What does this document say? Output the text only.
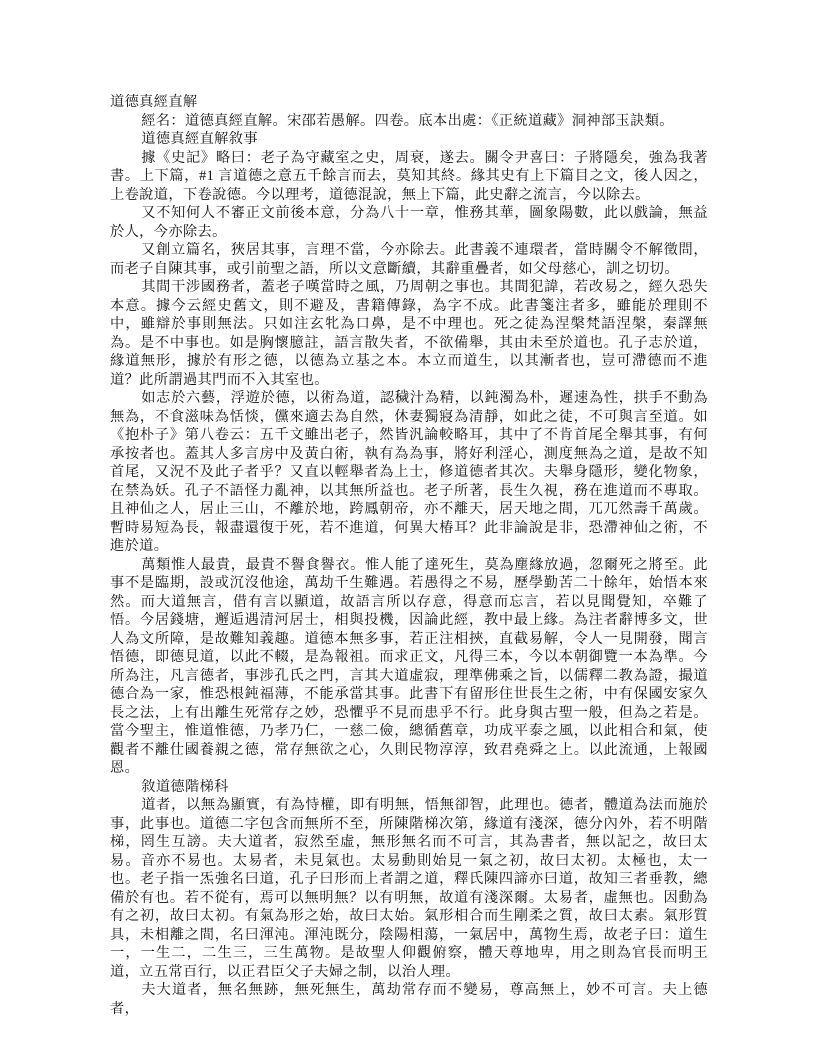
道德真經直解

經名：道德真經直解。宋邵若愚解。四卷。底本出處：《正統道藏》洞神部玉訣類。

道德真經直解敘事

據《史記》略曰：老子為守藏室之史，周衰，遂去。關令尹喜曰：子將隱矣，強為我著書。上下篇，#1 言道德之意五千餘言而去，莫知其終。緣其史有上下篇目之文，後人因之，上卷說道，下卷說德。今以理考，道德混說，無上下篇，此史辭之流言，今以除去。

又不知何人不審正文前後本意，分為八十一章，惟務其華，圖象陽數，此以戲論，無益於人，今亦除去。

又創立篇名，狹居其事，言理不當，今亦除去。此書義不連環者，當時關令不解徵問，而老子自陳其事，或引前聖之語，所以文意斷續，其辭重疊者，如父母慈心，訓之切切。

其間干涉國務者，蓋老子嘆當時之風，乃周朝之事也。其間犯諱，若改易之，經久恐失本意。據今云經史舊文，則不避及，書籍傳錄，為字不成。此書箋注者多，雖能於理則不中，雖辯於事則無法。只如注玄牝為口鼻，是不中理也。死之徒為涅槃梵語涅槃，秦譯無為。是不中事也。如是胸懷臆註，語言散失者，不欲備舉，其由未至於道也。孔子志於道，緣道無形，據於有形之德，以德為立基之本。本立而道生，以其漸者也，豈可滯德而不進道？此所謂過其門而不入其室也。

如志於六藝，浮遊於德，以術為道，認穢汁為精，以鈍濁為朴，遲速為性，拱手不動為無為，不食滋味為恬惔，儻來適去為自然，休妻獨寢為清靜，如此之徒，不可與言至道。如《抱朴子》第八卷云：五千文雖出老子，然皆汎論較略耳，其中了不肯首尾全舉其事，有何承按者也。蓋其人多言房中及黃白術，執有為為事，將好利淫心，測度無為之道，是故不知首尾，又況不及此子者乎？又直以輕舉者為上士，修道德者其次。夫舉身隱形，變化物象，在禁為妖。孔子不語怪力亂神，以其無所益也。老子所著，長生久視，務在進道而不專取。且神仙之人，居止三山，不離於地，跨鳳朝帝，亦不離天，居天地之間，兀兀然壽千萬歲。暫時易短為長，報盡還復于死，若不進道，何異大椿耳？此非論說是非，恐滯神仙之術，不進於道。

萬類惟人最貴，最貴不譽食譽衣。惟人能了達死生，莫為塵緣放過，忽爾死之將至。此事不是臨期，設或沉沒他途，萬劫千生難遇。若愚得之不易，歷學勤苦二十餘年，始悟本來然。而大道無言，借有言以顯道，故語言所以存意，得意而忘言，若以見聞覺知，卒難了悟。今居錢塘，邂逅遇清河居士，相與投機，因論此經，教中最上緣。為注者辭博多文，世人為文所障，是故難知義趣。道德本無多事，若正注相挾，直截易解，令人一見開發，聞言悟德，即德見道，以此不輟，是為報祖。而求正文，凡得三本，今以本朝御覽一本為準。今所為注，凡言德者，事涉孔氏之門，言其大道虛寂，理準佛乘之旨，以儒釋二教為證，撮道德合為一家，惟恐根鈍福薄，不能承當其事。此書下有留形住世長生之術，中有保國安家久長之法，上有出離生死常存之妙，恐懼乎不見而患乎不行。此身與古聖一般，但為之若是。當今聖主，惟道惟德，乃孝乃仁，一慈二儉，總循舊章，功成平泰之風，以此相合和氣，使觀者不離仕國養親之德，常存無欲之心，久則民物淳淳，致君堯舜之上。以此流通，上報國恩。

敘道德階梯科

道者，以無為顯實，有為恃權，即有明無，悟無卻智，此理也。德者，體道為法而施於事，此事也。道德二字包含而無所不至，所陳階梯次第，緣道有淺深，德分內外，若不明階梯，罔生互謗。夫大道者，寂然至虛，無形無名而不可言，其為書者，無以記之，故曰太易。音亦不易也。太易者，未見氣也。太易動則始見一氣之初，故曰太初。太極也，太一也。老子指一炁強名曰道，孔子曰形而上者謂之道，釋氏陳四諦亦曰道，故知三者垂教，總備於有也。若不從有，焉可以無明無？以有明無，故道有淺深爾。太易者，虛無也。因動為有之初，故曰太初。有氣為形之始，故曰太始。氣形相合而生剛柔之質，故曰太素。氣形質具，未相離之間，名曰渾沌。渾沌既分，陰陽相蕩，一氣居中，萬物生焉，故老子曰：道生一，一生二，二生三，三生萬物。是故聖人仰觀俯察，體天尊地卑，用之則為官長而明王道，立五常百行，以正君臣父子夫婦之制，以治人理。

夫大道者，無名無跡，無死無生，萬劫常存而不變易，尊高無上，妙不可言。夫上德者，
